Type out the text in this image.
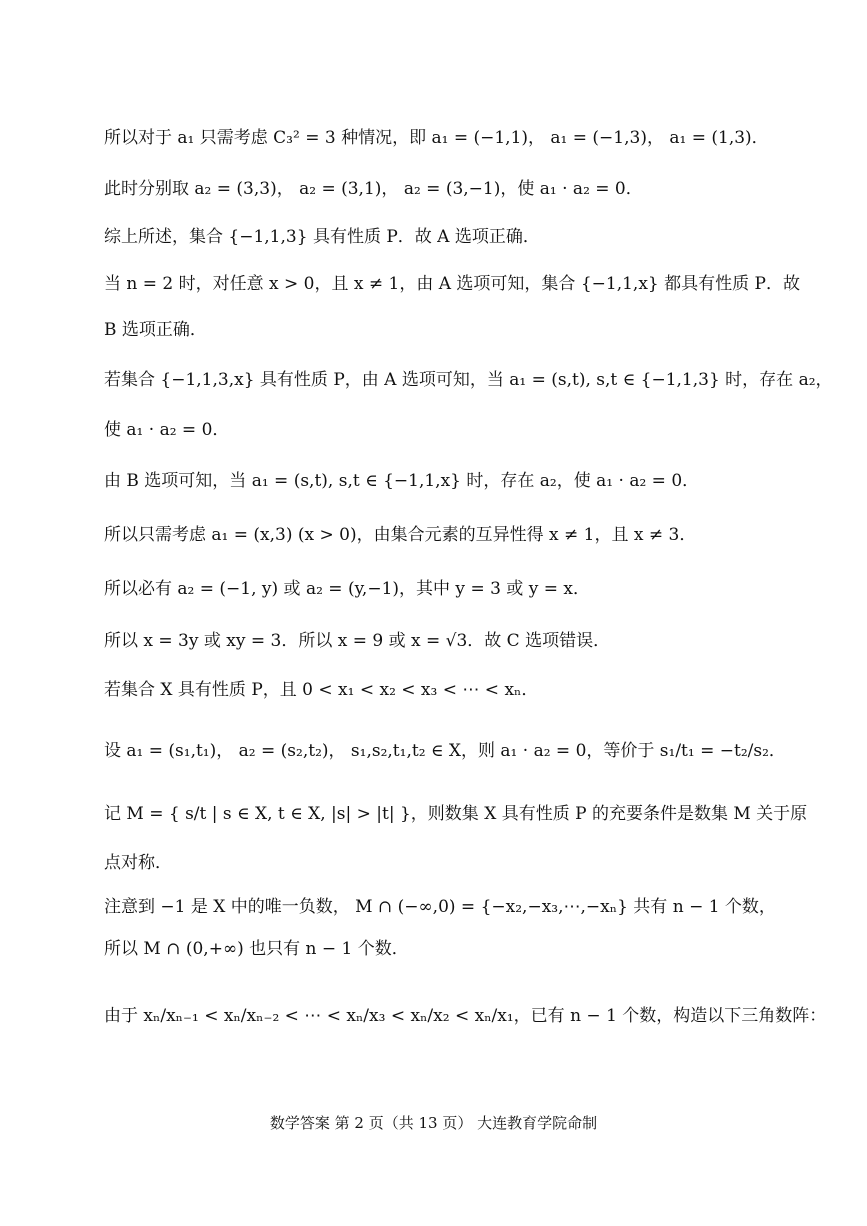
所以对于 a₁ 只需考虑 C₃² = 3 种情况，即 a₁ = (−1,1)， a₁ = (−1,3)， a₁ = (1,3)．
此时分别取 a₂ = (3,3)， a₂ = (3,1)， a₂ = (3,−1)，使 a₁ · a₂ = 0．
综上所述，集合 {−1,1,3} 具有性质 P．故 A 选项正确．
当 n = 2 时，对任意 x > 0，且 x ≠ 1，由 A 选项可知，集合 {−1,1,x} 都具有性质 P．故
B 选项正确．
若集合 {−1,1,3,x} 具有性质 P，由 A 选项可知，当 a₁ = (s,t), s,t ∈ {−1,1,3} 时，存在 a₂，
使 a₁ · a₂ = 0．
由 B 选项可知，当 a₁ = (s,t), s,t ∈ {−1,1,x} 时，存在 a₂，使 a₁ · a₂ = 0．
所以只需考虑 a₁ = (x,3) (x > 0)，由集合元素的互异性得 x ≠ 1，且 x ≠ 3．
所以必有 a₂ = (−1, y) 或 a₂ = (y,−1)，其中 y = 3 或 y = x．
所以 x = 3y 或 xy = 3．所以 x = 9 或 x = √3．故 C 选项错误．
若集合 X 具有性质 P，且 0 < x₁ < x₂ < x₃ < ⋯ < xₙ．
设 a₁ = (s₁,t₁)， a₂ = (s₂,t₂)， s₁,s₂,t₁,t₂ ∈ X，则 a₁ · a₂ = 0，等价于 s₁/t₁ = −t₂/s₂．
记 M = { s/t | s ∈ X, t ∈ X, |s| > |t| }，则数集 X 具有性质 P 的充要条件是数集 M 关于原
点对称．
注意到 −1 是 X 中的唯一负数， M ∩ (−∞,0) = {−x₂,−x₃,⋯,−xₙ} 共有 n − 1 个数，
所以 M ∩ (0,+∞) 也只有 n − 1 个数．
由于 xₙ/xₙ₋₁ < xₙ/xₙ₋₂ < ⋯ < xₙ/x₃ < xₙ/x₂ < xₙ/x₁，已有 n − 1 个数，构造以下三角数阵：
数学答案 第 2 页（共 13 页） 大连教育学院命制
